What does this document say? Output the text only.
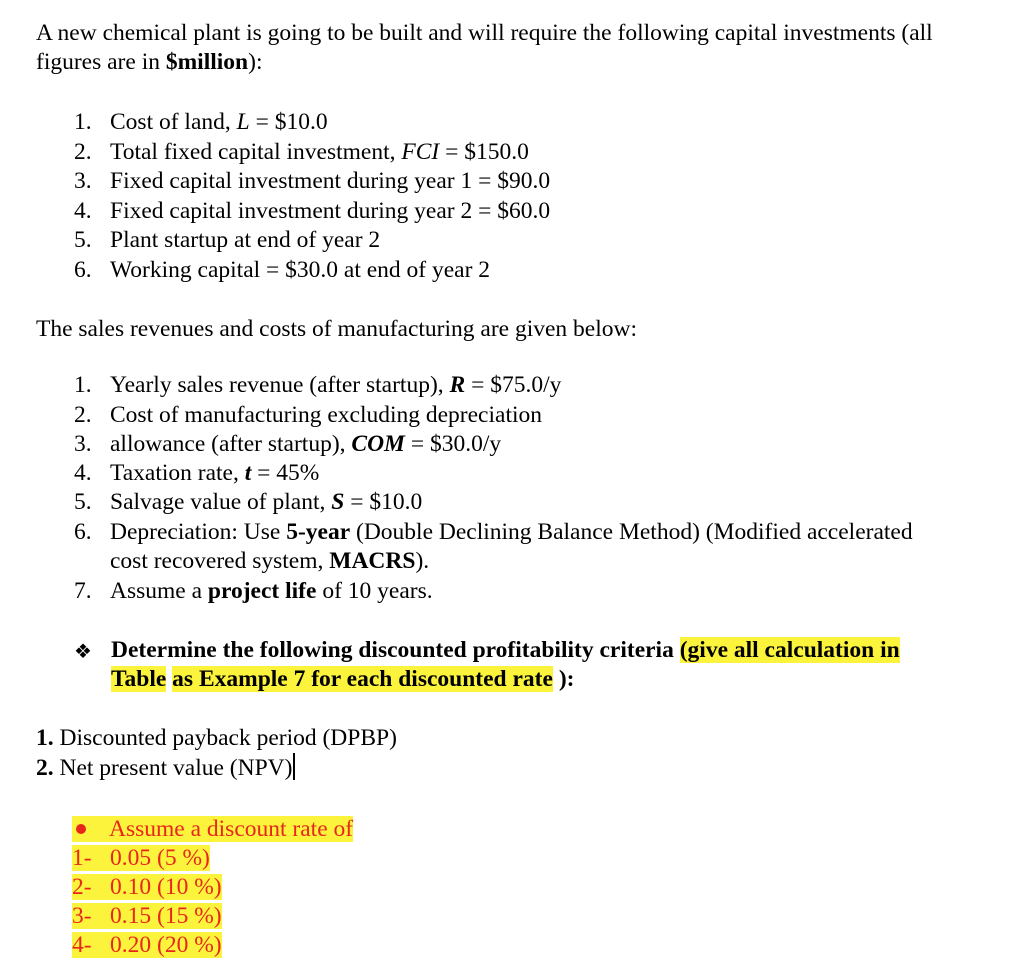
A new chemical plant is going to be built and will require the following capital investments (all
figures are in $million):
1. Cost of land, L = $10.0
2. Total fixed capital investment, FCI = $150.0
3. Fixed capital investment during year 1 = $90.0
4. Fixed capital investment during year 2 = $60.0
5. Plant startup at end of year 2
6. Working capital = $30.0 at end of year 2
The sales revenues and costs of manufacturing are given below:
1. Yearly sales revenue (after startup), R = $75.0/y
2. Cost of manufacturing excluding depreciation
3. allowance (after startup), COM = $30.0/y
4. Taxation rate, t = 45%
5. Salvage value of plant, S = $10.0
6. Depreciation: Use 5-year (Double Declining Balance Method) (Modified accelerated
cost recovered system, MACRS).
7. Assume a project life of 10 years.
❖ Determine the following discounted profitability criteria (give all calculation in
Table as Example 7 for each discounted rate ):
1. Discounted payback period (DPBP)
2. Net present value (NPV)
Assume a discount rate of
1- 0.05 (5 %)
2- 0.10 (10 %)
3- 0.15 (15 %)
4- 0.20 (20 %)
